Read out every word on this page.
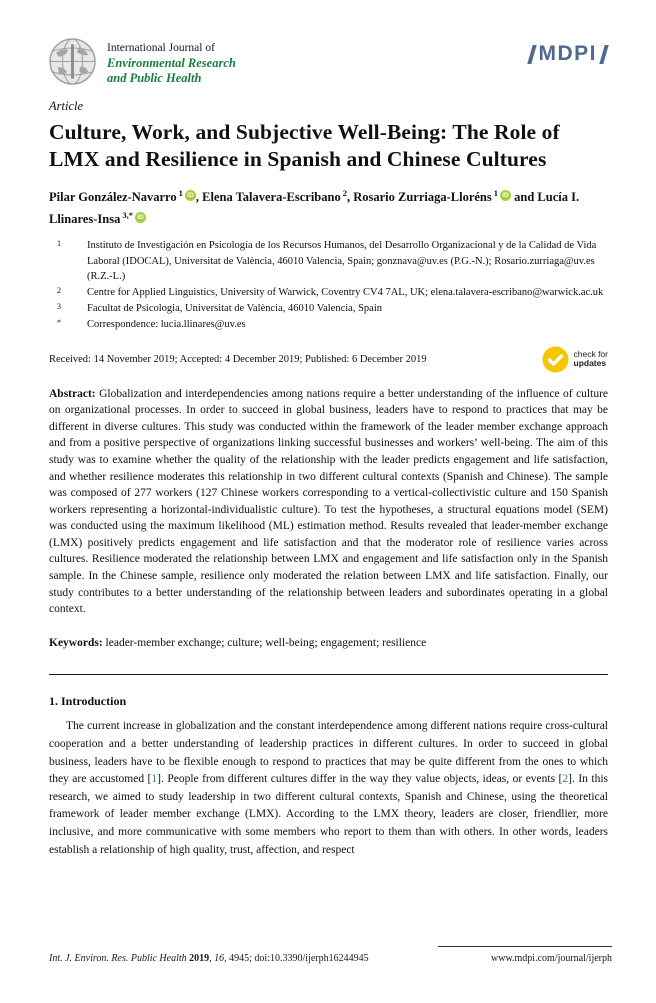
International Journal of
Environmental Research
and Public Health
MDPI
Article
Culture, Work, and Subjective Well-Being: The Role of LMX and Resilience in Spanish and Chinese Cultures
Pilar González-Navarro $^1$ iD , Elena Talavera-Escribano $^2$, Rosario Zurriaga-Lloréns $^1$ iD and Lucía I. Llinares-Insa $^{3,*}$ iD
1 Instituto de Investigación en Psicología de los Recursos Humanos, del Desarrollo Organizacional y de la Calidad de Vida Laboral (IDOCAL), Universitat de València, 46010 Valencia, Spain; gonznava@uv.es (P.G.-N.); Rosario.zurriaga@uv.es (R.Z.-L.)
2 Centre for Applied Linguistics, University of Warwick, Coventry CV4 7AL, UK; elena.talavera-escribano@warwick.ac.uk
3 Facultat de Psicologia, Universitat de València, 46010 Valencia, Spain
* Correspondence: lucia.llinares@uv.es
Received: 14 November 2019; Accepted: 4 December 2019; Published: 6 December 2019	check for
updates

Abstract: Globalization and interdependencies among nations require a better understanding of the influence of culture on organizational processes. In order to succeed in global business, leaders have to respond to practices that may be different in diverse cultures. This study was conducted within the framework of the leader member exchange approach and from a positive perspective of organizations linking successful businesses and workers’ well-being. The aim of this study was to examine whether the quality of the relationship with the leader predicts engagement and life satisfaction, and whether resilience moderates this relationship in two different cultural contexts (Spanish and Chinese). The sample was composed of 277 workers (127 Chinese workers corresponding to a vertical-collectivistic culture and 150 Spanish workers representing a horizontal-individualistic culture). To test the hypotheses, a structural equations model (SEM) was conducted using the maximum likelihood (ML) estimation method. Results revealed that leader-member exchange (LMX) positively predicts engagement and life satisfaction and that the moderator role of resilience varies across cultures. Resilience moderated the relationship between LMX and engagement and life satisfaction only in the Spanish sample. In the Chinese sample, resilience only moderated the relation between LMX and life satisfaction. Finally, our study contributes to a better understanding of the relationship between leaders and subordinates operating in a global context.

Keywords: leader-member exchange; culture; well-being; engagement; resilience

1. Introduction

The current increase in globalization and the constant interdependence among different nations require cross-cultural cooperation and a better understanding of leadership practices in different cultures. In order to succeed in global business, leaders have to be flexible enough to respond to practices that may be quite different from the ones to which they are accustomed [1]. People from different cultures differ in the way they value objects, ideas, or events [2]. In this research, we aimed to study leadership in two different cultural contexts, Spanish and Chinese, using the theoretical framework of leader member exchange (LMX). According to the LMX theory, leaders are closer, friendlier, more inclusive, and more communicative with some members who report to them than with others. In other words, leaders establish a relationship of high quality, trust, affection, and respect

Int. J. Environ. Res. Public Health 2019, 16, 4945; doi:10.3390/ijerph16244945	www.mdpi.com/journal/ijerph
